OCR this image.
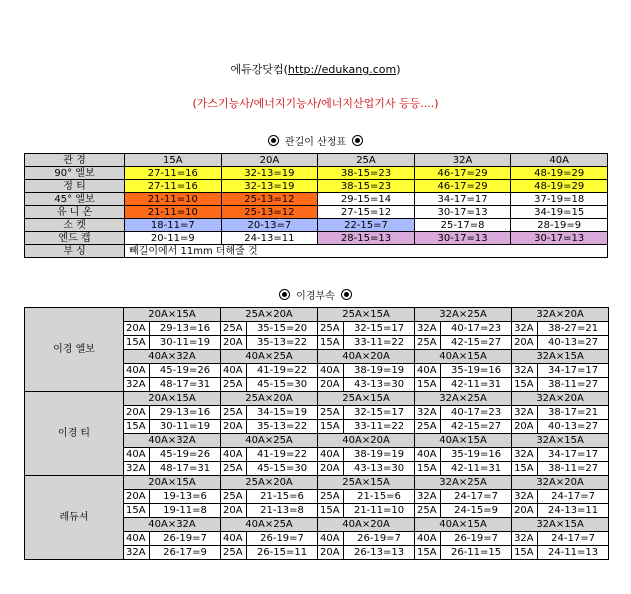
에듀강닷컴(http://edukang.com)
(가스기능사/에너지기능사/에너지산업기사 등등....)
관길이 산정표
관 경	15A	20A	25A	32A	40A
90° 엘보	27-11=16	32-13=19	38-15=23	46-17=29	48-19=29
정 티	27-11=16	32-13=19	38-15=23	46-17=29	48-19=29
45° 엘보	21-11=10	25-13=12	29-15=14	34-17=17	37-19=18
유 니 온	21-11=10	25-13=12	27-15=12	30-17=13	34-19=15
소 켓	18-11=7	20-13=7	22-15=7	25-17=8	28-19=9
엔드 캡	20-11=9	24-13=11	28-15=13	30-17=13	30-17=13
부 싱	빼길이에서 11mm 더해줄 것				
이경부속
이경 엘보	20A×15A		25A×20A		25A×15A		32A×25A		32A×20A	
	20A	29-13=16	25A	35-15=20	25A	32-15=17	32A	40-17=23	32A	38-27=21
	15A	30-11=19	20A	35-13=22	15A	33-11=22	25A	42-15=27	20A	40-13=27
	40A×32A		40A×25A		40A×20A		40A×15A		32A×15A	
	40A	45-19=26	40A	41-19=22	40A	38-19=19	40A	35-19=16	32A	34-17=17
	32A	48-17=31	25A	45-15=30	20A	43-13=30	15A	42-11=31	15A	38-11=27
이경 티	20A×15A		25A×20A		25A×15A		32A×25A		32A×20A	
	20A	29-13=16	25A	34-15=19	25A	32-15=17	32A	40-17=23	32A	38-17=21
	15A	30-11=19	20A	35-13=22	15A	33-11=22	25A	42-15=27	20A	40-13=27
	40A×32A		40A×25A		40A×20A		40A×15A		32A×15A	
	40A	45-19=26	40A	41-19=22	40A	38-19=19	40A	35-19=16	32A	34-17=17
	32A	48-17=31	25A	45-15=30	20A	43-13=30	15A	42-11=31	15A	38-11=27
레듀셔	20A×15A		25A×20A		25A×15A		32A×25A		32A×20A	
	20A	19-13=6	25A	21-15=6	25A	21-15=6	32A	24-17=7	32A	24-17=7
	15A	19-11=8	20A	21-13=8	15A	21-11=10	25A	24-15=9	20A	24-13=11
	40A×32A		40A×25A		40A×20A		40A×15A		32A×15A	
	40A	26-19=7	40A	26-19=7	40A	26-19=7	40A	26-19=7	32A	24-17=7
	32A	26-17=9	25A	26-15=11	20A	26-13=13	15A	26-11=15	15A	24-11=13
